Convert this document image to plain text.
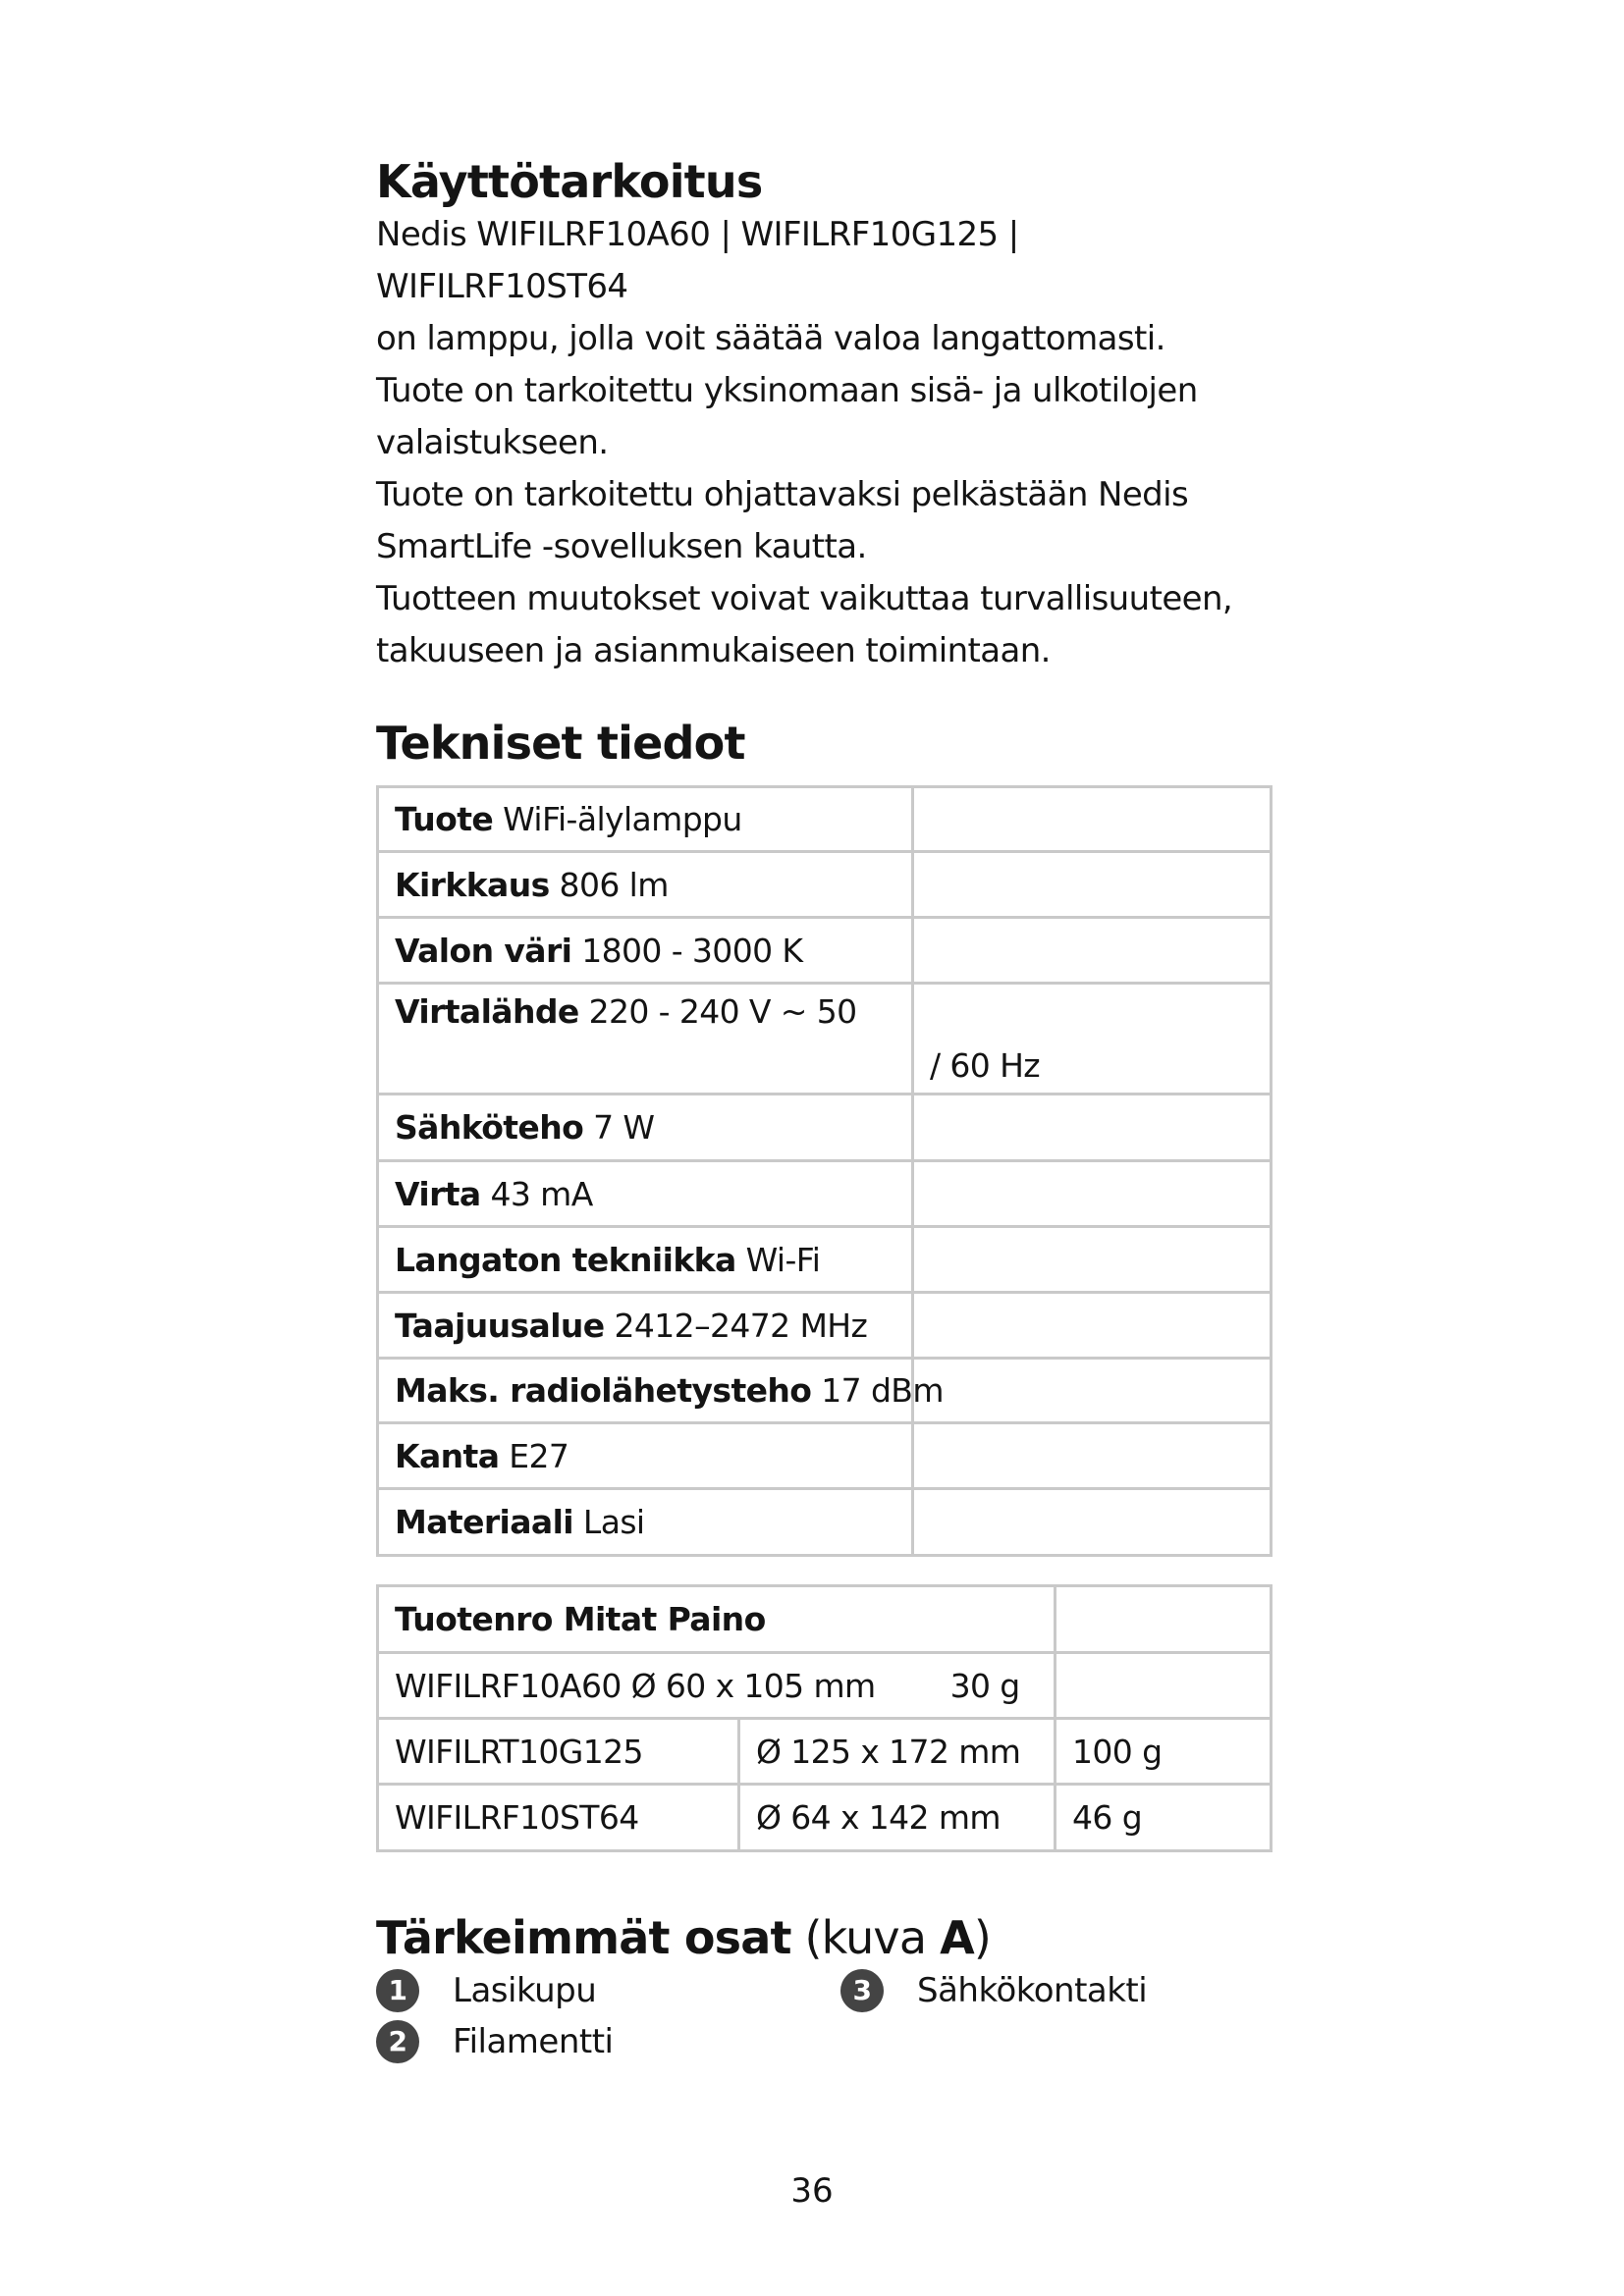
Käyttötarkoitus

Nedis WIFILRF10A60 | WIFILRF10G125 | WIFILRF10ST64
on lamppu, jolla voit säätää valoa langattomasti.
Tuote on tarkoitettu yksinomaan sisä- ja ulkotilojen
valaistukseen.
Tuote on tarkoitettu ohjattavaksi pelkästään Nedis
SmartLife -sovelluksen kautta.
Tuotteen muutokset voivat vaikuttaa turvallisuuteen,
takuuseen ja asianmukaiseen toimintaan.

Tekniset tiedot
Tuote WiFi-älylamppu	
Kirkkaus 806 lm	
Valon väri 1800 - 3000 K	
Virtalähde 220 - 240 V ~ 50	/ 60 Hz
Sähköteho 7 W	
Virta 43 mA	
Langaton tekniikka Wi-Fi	
Taajuusalue 2412–2472 MHz	
Maks. radiolähetysteho 17 dBm	
Kanta E27	
Materiaali Lasi	
Tuotenro Mitat Paino		
WIFILRF10A60 Ø 60 x 105 mm 30 g		
WIFILRT10G125	Ø 125 x 172 mm	100 g
WIFILRF10ST64	Ø 64 x 142 mm	46 g
Tärkeimmät osat (kuva A)
1	Lasikupu
2	Filamentti
3	Sähkökontakti
36
